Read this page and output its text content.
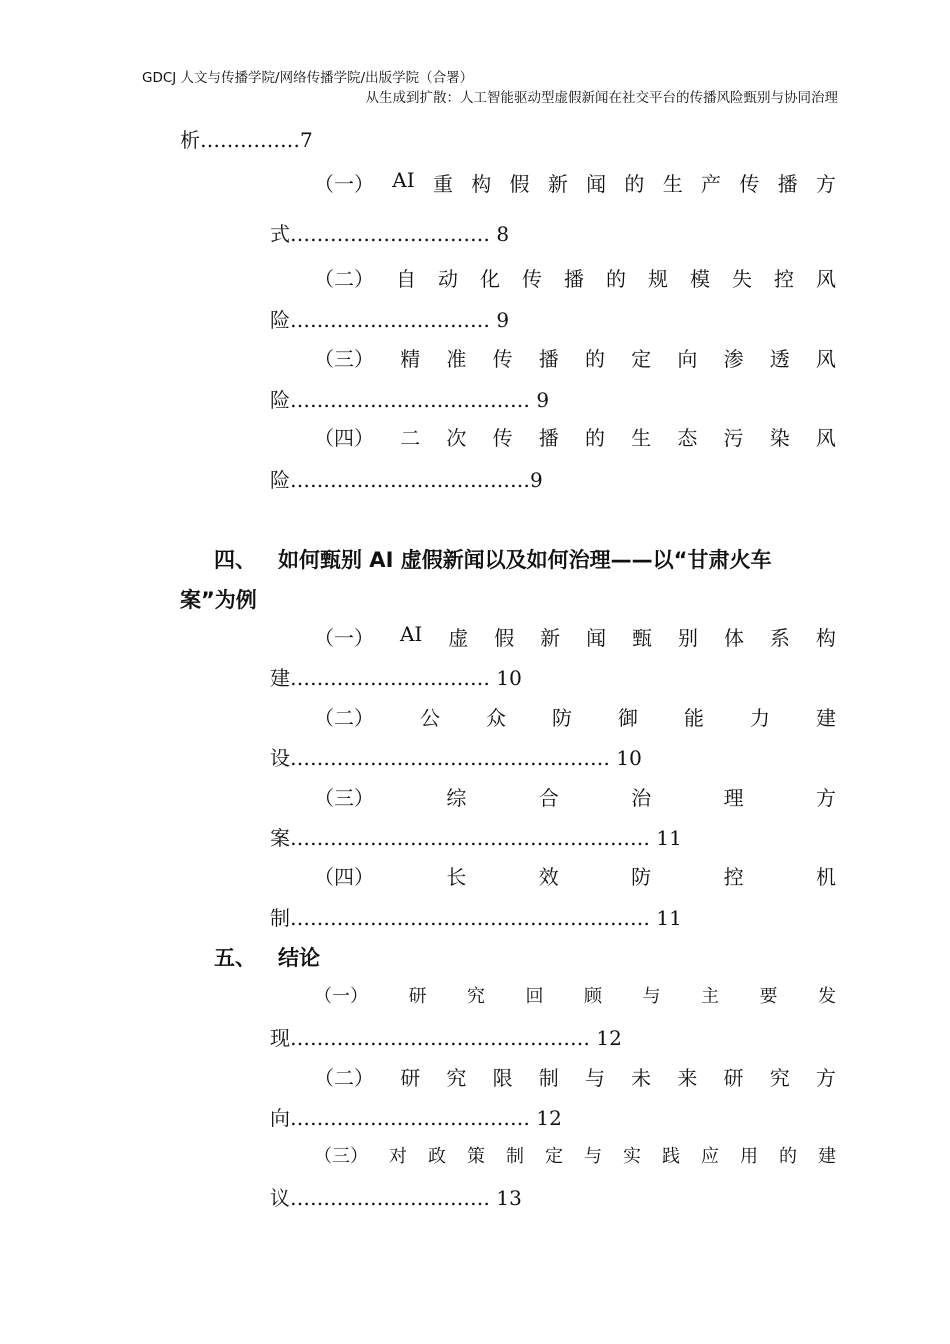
GDCJ 人文与传播学院/网络传播学院/出版学院（合署）
从生成到扩散：人工智能驱动型虚假新闻在社交平台的传播风险甄别与协同治理
析……………7
（一） AI 重 构 假 新 闻 的 生 产 传 播 方
式………………………… 8
（二） 自 动 化 传 播 的 规 模 失 控 风
险………………………… 9
（三） 精 准 传 播 的 定 向 渗 透 风
险……………………………… 9
（四） 二 次 传 播 的 生 态 污 染 风
险………………………………9
四、 如何甄别 AI 虚假新闻以及如何治理——以“甘肃火车
案”为例
（一） AI 虚 假 新 闻 甄 别 体 系 构
建………………………… 10
（二） 公 众 防 御 能 力 建
设………………………………………… 10
（三）	综	合	治	理	方
案……………………………………………… 11
（四）	长	效	防	控	机
制……………………………………………… 11
五、 结论
（一） 研 究 回 顾 与 主 要 发
现……………………………………… 12
（二） 研 究 限 制 与 未 来 研 究 方
向……………………………… 12
（三） 对 政 策 制 定 与 实 践 应 用 的 建
议………………………… 13
